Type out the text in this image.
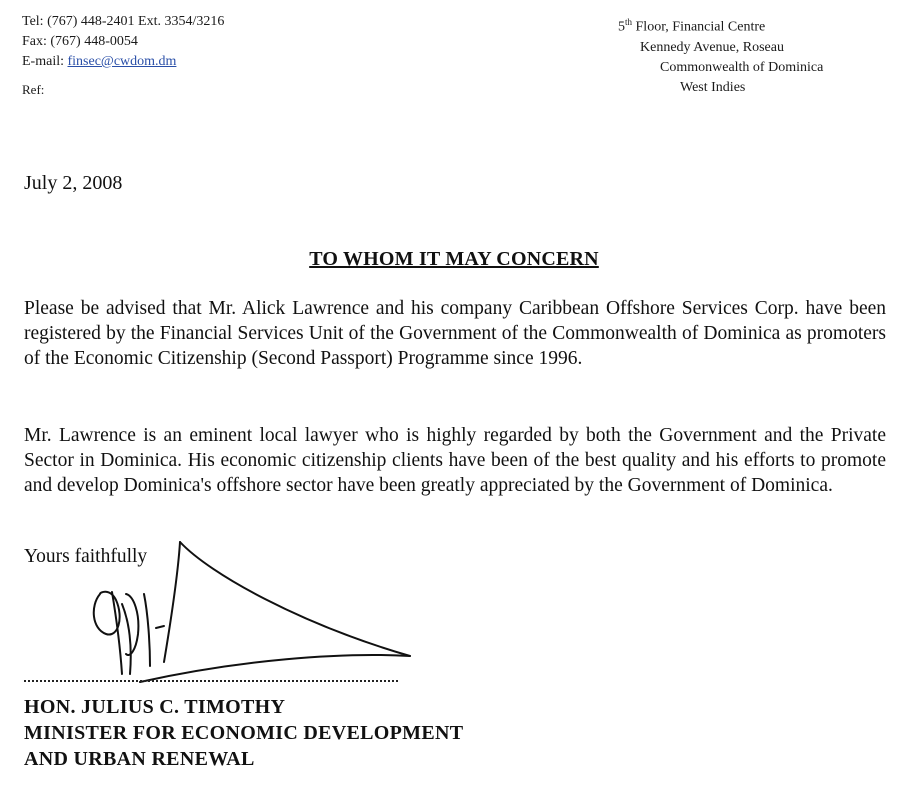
Tel: (767) 448-2401 Ext. 3354/3216
Fax: (767) 448-0054
E-mail: finsec@cwdom.dm
Ref:
5th Floor, Financial Centre
Kennedy Avenue, Roseau
Commonwealth of Dominica
West Indies
July 2, 2008
TO WHOM IT MAY CONCERN
Please be advised that Mr. Alick Lawrence and his company Caribbean Offshore Services Corp. have been registered by the Financial Services Unit of the Government of the Commonwealth of Dominica as promoters of the Economic Citizenship (Second Passport) Programme since 1996.
Mr. Lawrence is an eminent local lawyer who is highly regarded by both the Government and the Private Sector in Dominica. His economic citizenship clients have been of the best quality and his efforts to promote and develop Dominica's offshore sector have been greatly appreciated by the Government of Dominica.
Yours faithfully
HON. JULIUS C. TIMOTHY
MINISTER FOR ECONOMIC DEVELOPMENT
AND URBAN RENEWAL
